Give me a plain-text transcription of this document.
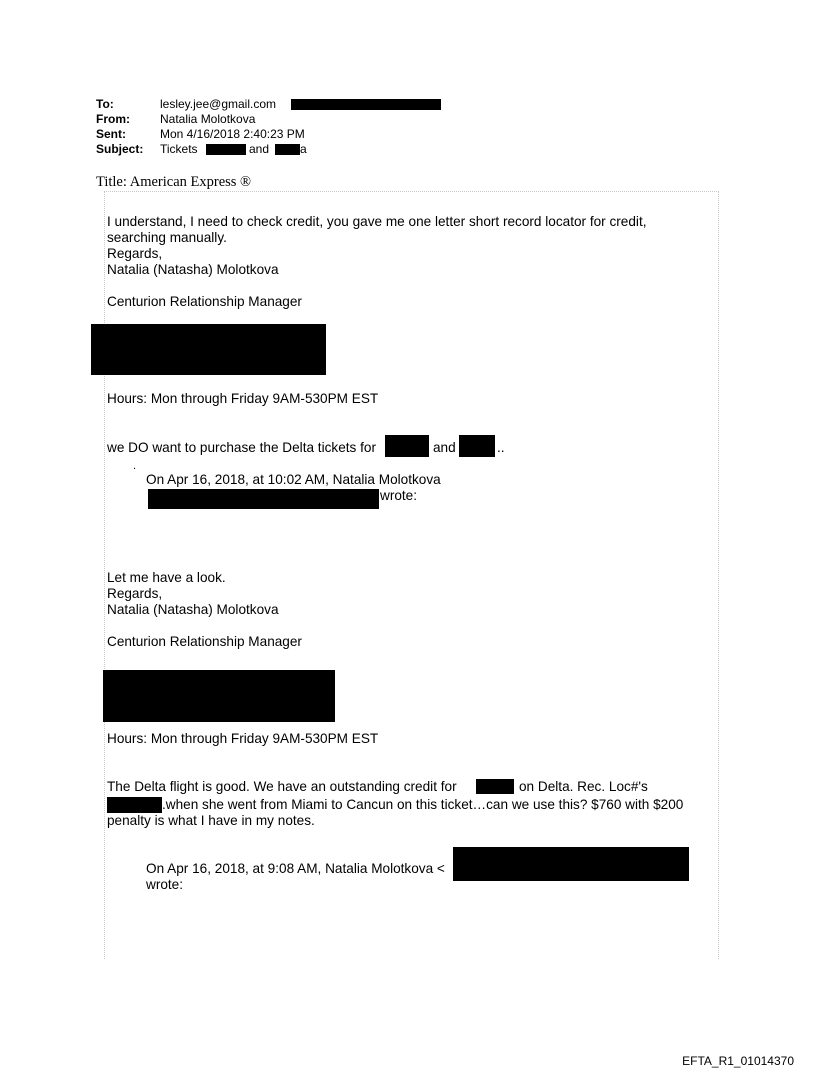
To:	lesley.jee@gmail.com
From:	Natalia Molotkova
Sent:	Mon 4/16/2018 2:40:23 PM
Subject: Tickets	and	a
Title: American Express ®
I understand, I need to check credit, you gave me one letter short record locator for credit,
searching manually.
Regards,
Natalia (Natasha) Molotkova
Centurion Relationship Manager
Hours: Mon through Friday 9AM-530PM EST
we DO want to purchase the Delta tickets for	and	..
.
On Apr 16, 2018, at 10:02 AM, Natalia Molotkova
wrote:
Let me have a look.
Regards,
Natalia (Natasha) Molotkova
Centurion Relationship Manager
Hours: Mon through Friday 9AM-530PM EST
The Delta flight is good. We have an outstanding credit for	on Delta. Rec. Loc#'s
.when she went from Miami to Cancun on this ticket…can we use this? $760 with $200
penalty is what I have in my notes.
On Apr 16, 2018, at 9:08 AM, Natalia Molotkova <
wrote:
EFTA_R1_01014370
